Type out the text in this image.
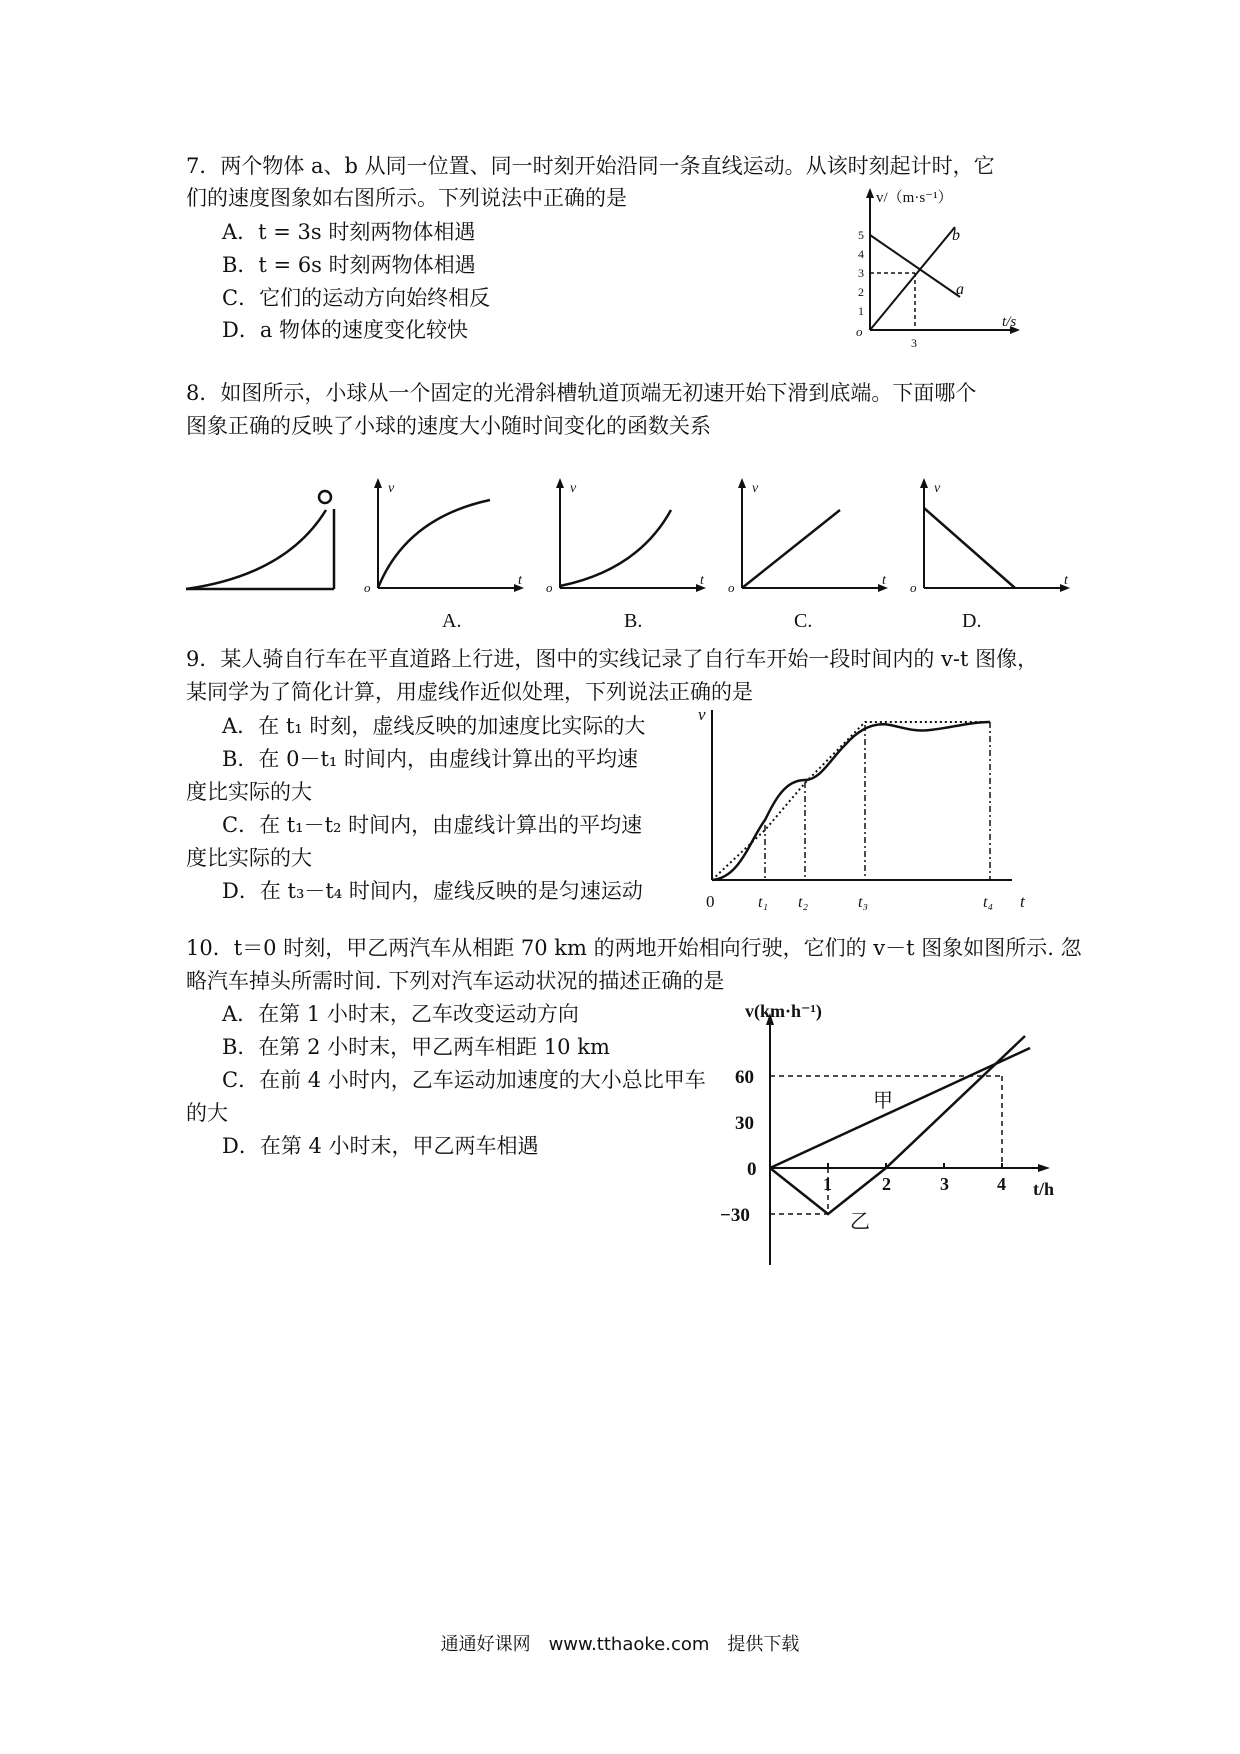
7．两个物体 a、b 从同一位置、同一时刻开始沿同一条直线运动。从该时刻起计时，它
们的速度图象如右图所示。下列说法中正确的是
A．t = 3s 时刻两物体相遇
B．t = 6s 时刻两物体相遇
C．它们的运动方向始终相反
D．a 物体的速度变化较快
v/（m·s⁻¹）
t/s
o
5
4
3
2
1
3
b
a
8．如图所示，小球从一个固定的光滑斜槽轨道顶端无初速开始下滑到底端。下面哪个
图象正确的反映了小球的速度大小随时间变化的函数关系
v
t
o
v
t
o
v
t
o
v
t
o
A.	B.	C.	D.
9．某人骑自行车在平直道路上行进，图中的实线记录了自行车开始一段时间内的 v-t 图像，
某同学为了简化计算，用虚线作近似处理，下列说法正确的是
A．在 t₁ 时刻，虚线反映的加速度比实际的大
B．在 0－t₁ 时间内，由虚线计算出的平均速
度比实际的大
C．在 t₁－t₂ 时间内，由虚线计算出的平均速
度比实际的大
D．在 t₃－t₄ 时间内，虚线反映的是匀速运动
v
t
0	t₁ t₂	t₃	t₄
10．t＝0 时刻，甲乙两汽车从相距 70 km 的两地开始相向行驶，它们的 v－t 图象如图所示. 忽
略汽车掉头所需时间. 下列对汽车运动状况的描述正确的是
A．在第 1 小时末，乙车改变运动方向
B．在第 2 小时末，甲乙两车相距 10 km
C．在前 4 小时内，乙车运动加速度的大小总比甲车
的大
D．在第 4 小时末，甲乙两车相遇
v(km·h⁻¹)
t/h
60
30
0
−30
1	2	3	4
甲
乙
通通好课网　www.tthaoke.com　提供下载
